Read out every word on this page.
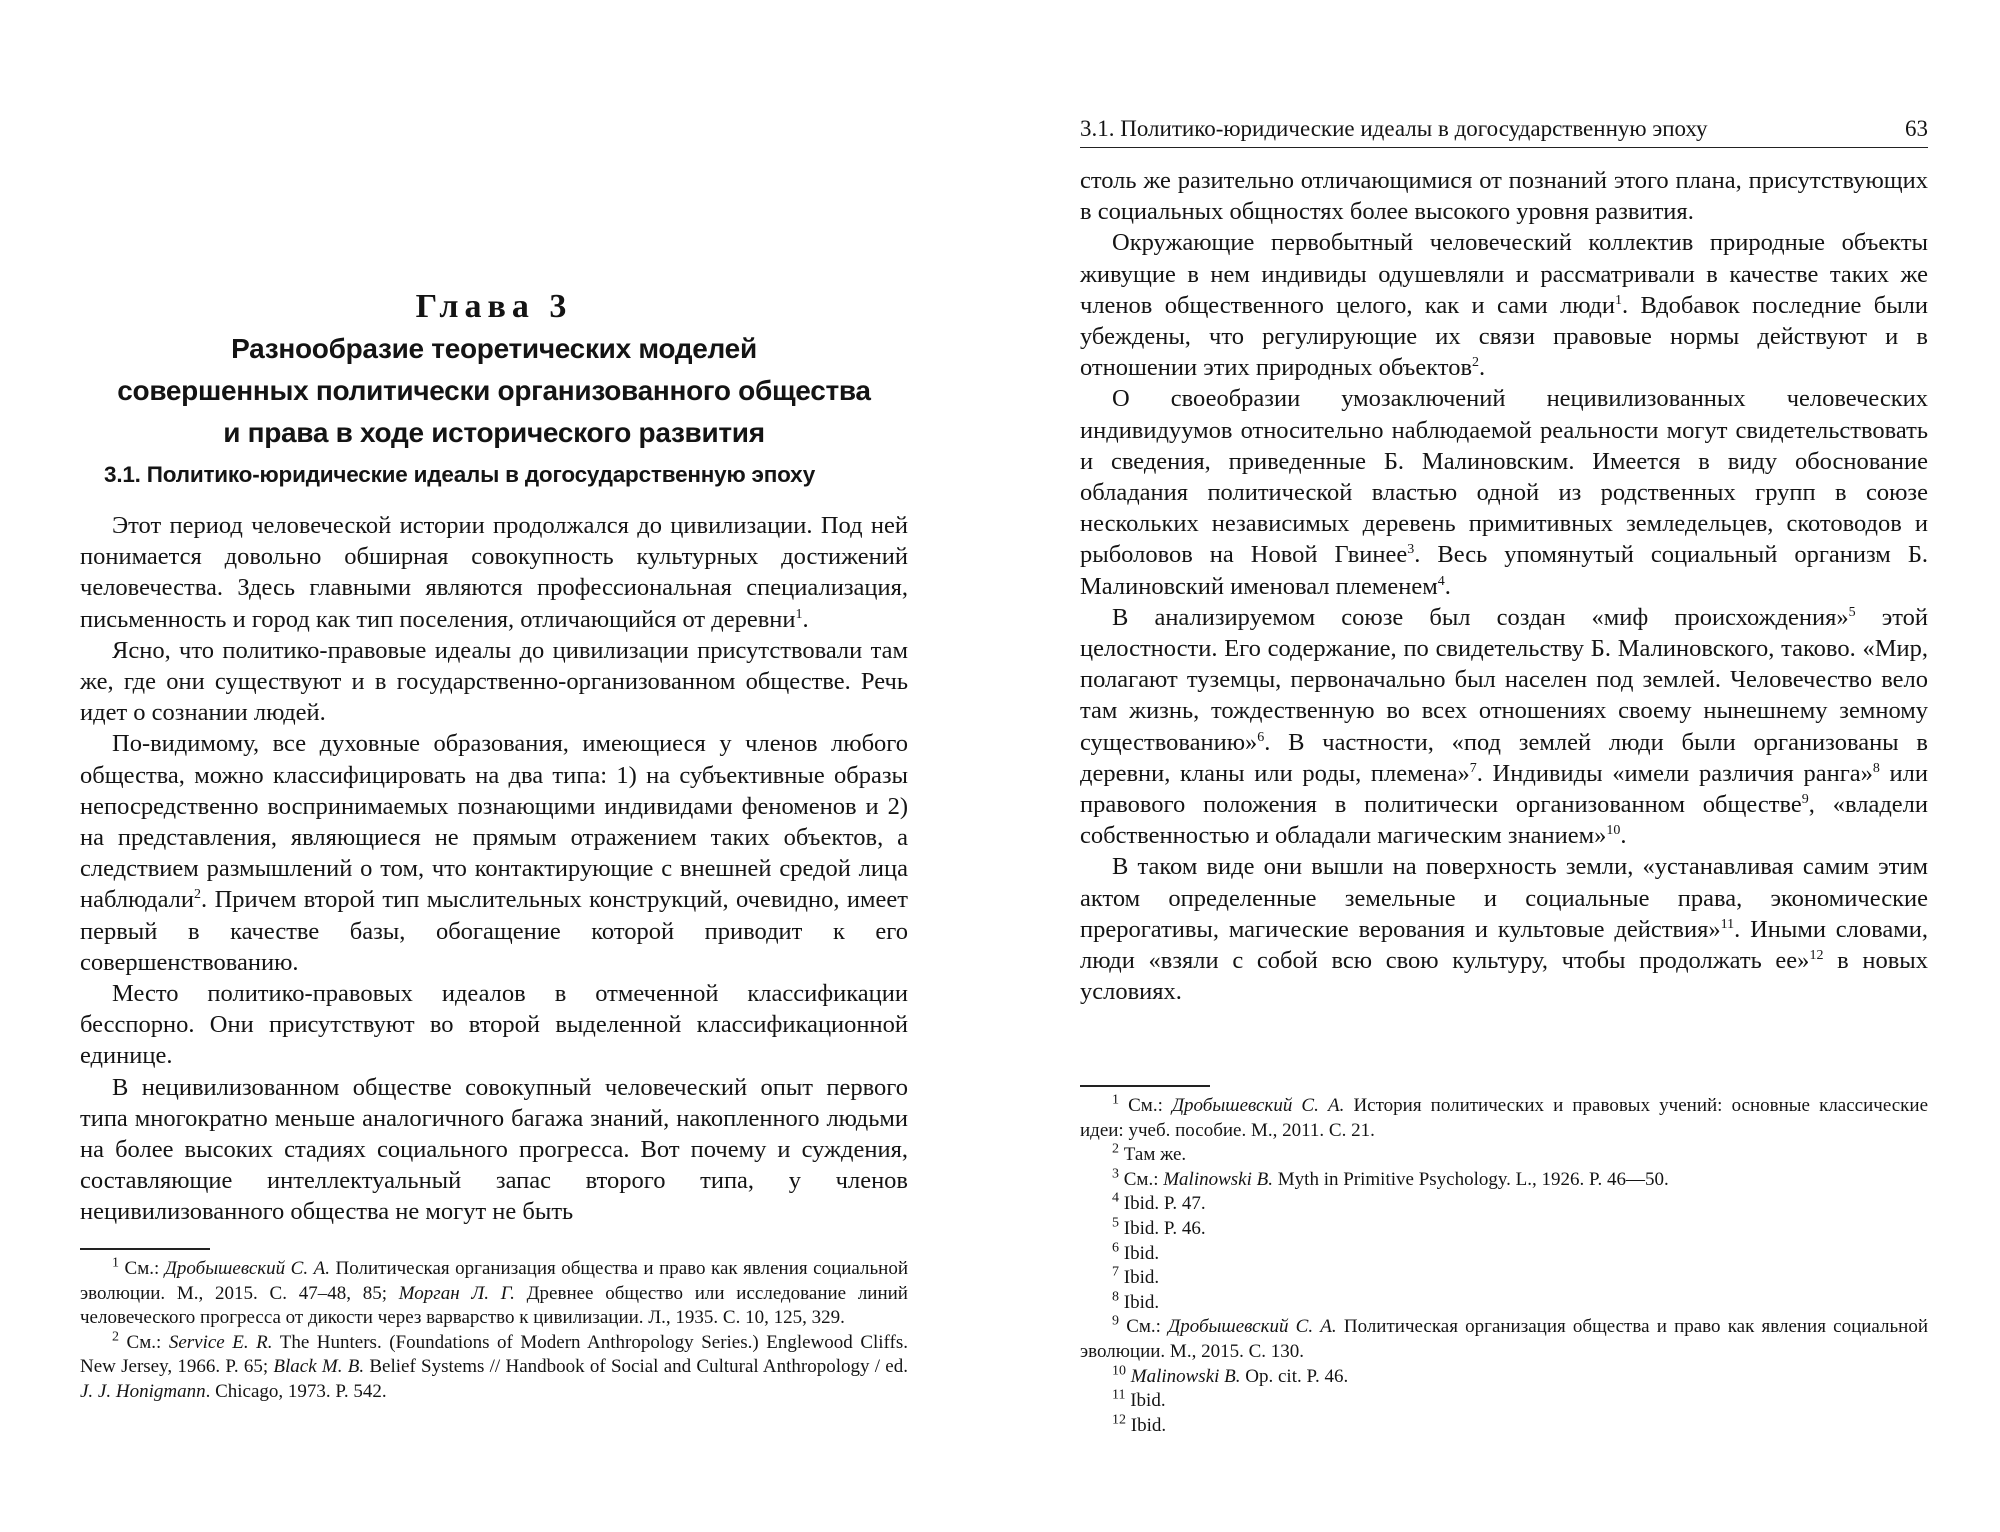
3.1. Политико-юридические идеалы в догосударственную эпоху	63
Глава 3
Разнообразие теоретических моделей
совершенных политически организованного общества
и права в ходе исторического развития
3.1. Политико-юридические идеалы в догосударственную эпоху

Этот период человеческой истории продолжался до цивилизации. Под ней понимается довольно обширная совокупность культурных достижений человечества. Здесь главными являются профессиональная специализация, письменность и город как тип поселения, отличающийся от деревни$^1$.

Ясно, что политико-правовые идеалы до цивилизации присутствовали там же, где они существуют и в государственно-организованном обществе. Речь идет о сознании людей.

По-видимому, все духовные образования, имеющиеся у членов любого общества, можно классифицировать на два типа: 1) на субъективные образы непосредственно воспринимаемых познающими индивидами феноменов и 2) на представления, являющиеся не прямым отражением таких объектов, а следствием размышлений о том, что контактирующие с внешней средой лица наблюдали$^2$. Причем второй тип мыслительных конструкций, очевидно, имеет первый в качестве базы, обогащение которой приводит к его совершенствованию.

Место политико-правовых идеалов в отмеченной классификации бесспорно. Они присутствуют во второй выделенной классификационной единице.

В нецивилизованном обществе совокупный человеческий опыт первого типа многократно меньше аналогичного багажа знаний, накопленного людьми на более высоких стадиях социального прогресса. Вот почему и суждения, составляющие интеллектуальный запас второго типа, у членов нецивилизованного общества не могут не быть

$^1$ См.: Дробышевский С. А. Политическая организация общества и право как явления социальной эволюции. М., 2015. С. 47–48, 85; Морган Л. Г. Древнее общество или исследование линий человеческого прогресса от дикости через варварство к цивилизации. Л., 1935. С. 10, 125, 329.

$^2$ См.: Service E. R. The Hunters. (Foundations of Modern Anthropology Series.) Englewood Cliffs. New Jersey, 1966. P. 65; Black M. B. Belief Systems // Handbook of Social and Cultural Anthropology / ed. J. J. Honigmann. Chicago, 1973. P. 542.

столь же разительно отличающимися от познаний этого плана, присутствующих в социальных общностях более высокого уровня развития.

Окружающие первобытный человеческий коллектив природные объекты живущие в нем индивиды одушевляли и рассматривали в качестве таких же членов общественного целого, как и сами люди$^1$. Вдобавок последние были убеждены, что регулирующие их связи правовые нормы действуют и в отношении этих природных объектов$^2$.

О своеобразии умозаключений нецивилизованных человеческих индивидуумов относительно наблюдаемой реальности могут свидетельствовать и сведения, приведенные Б. Малиновским. Имеется в виду обоснование обладания политической властью одной из родственных групп в союзе нескольких независимых деревень примитивных земледельцев, скотоводов и рыболовов на Новой Гвинее$^3$. Весь упомянутый социальный организм Б. Малиновский именовал племенем$^4$.

В анализируемом союзе был создан «миф происхождения»$^5$ этой целостности. Его содержание, по свидетельству Б. Малиновского, таково. «Мир, полагают туземцы, первоначально был населен под землей. Человечество вело там жизнь, тождественную во всех отношениях своему нынешнему земному существованию»$^6$. В частности, «под землей люди были организованы в деревни, кланы или роды, племена»$^7$. Индивиды «имели различия ранга»$^8$ или правового положения в политически организованном обществе$^9$, «владели собственностью и обладали магическим знанием»$^{10}$.

В таком виде они вышли на поверхность земли, «устанавливая самим этим актом определенные земельные и социальные права, экономические прерогативы, магические верования и культовые действия»$^{11}$. Иными словами, люди «взяли с собой всю свою культуру, чтобы продолжать ее»$^{12}$ в новых условиях.

$^1$ См.: Дробышевский С. А. История политических и правовых учений: основные классические идеи: учеб. пособие. М., 2011. С. 21.

$^2$ Там же.

$^3$ См.: Malinowski B. Myth in Primitive Psychology. L., 1926. P. 46—50.

$^4$ Ibid. P. 47.

$^5$ Ibid. P. 46.

$^6$ Ibid.

$^7$ Ibid.

$^8$ Ibid.

$^9$ См.: Дробышевский С. А. Политическая организация общества и право как явления социальной эволюции. М., 2015. С. 130.

$^{10}$ Malinowski B. Op. cit. P. 46.

$^{11}$ Ibid.

$^{12}$ Ibid.
